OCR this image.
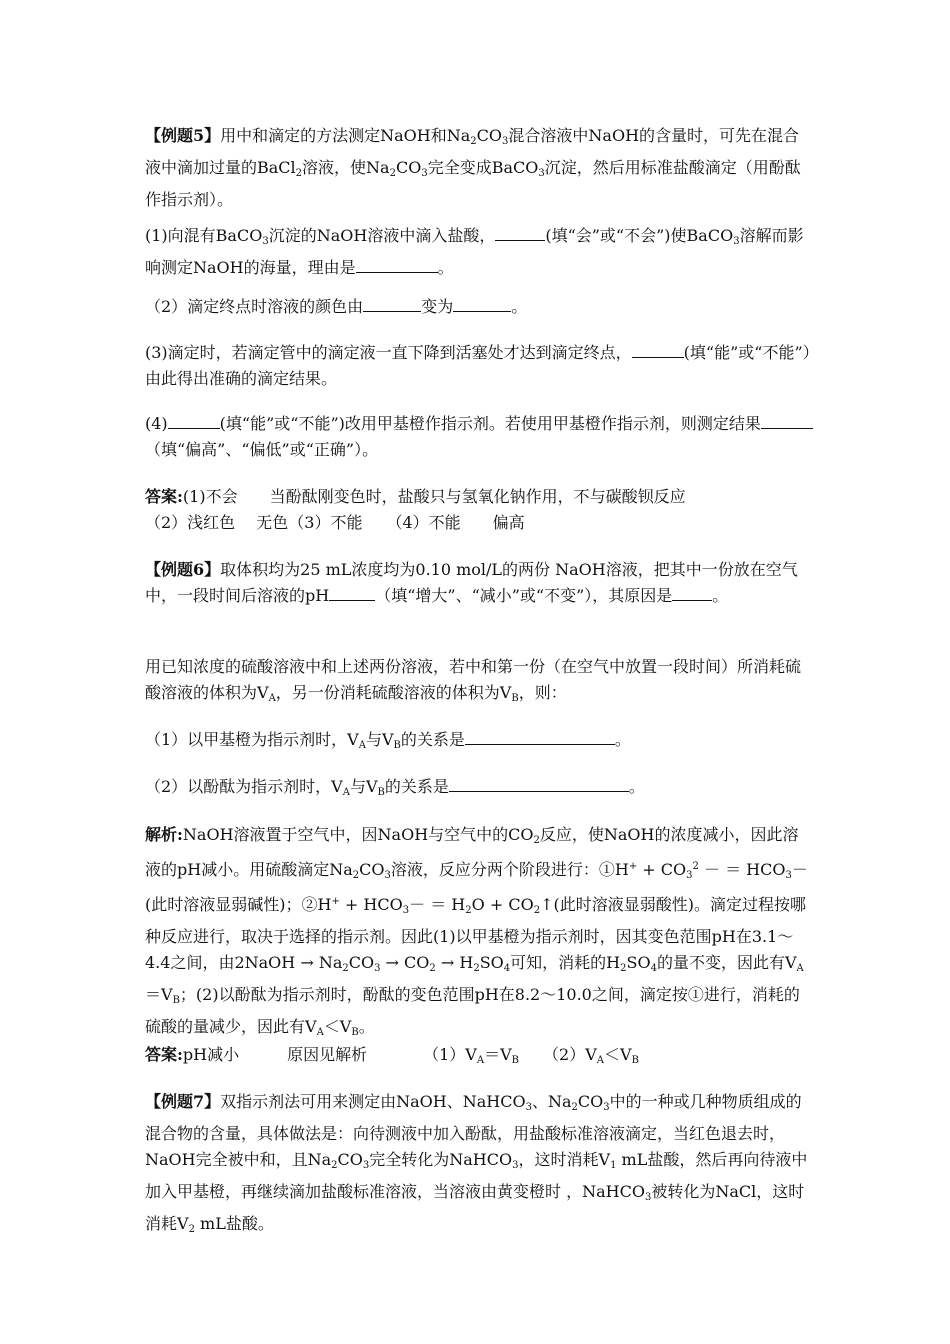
【例题5】用中和滴定的方法测定NaOH和$Na_2CO_3$混合溶液中NaOH的含量时，可先在混合液中滴加过量的BaCl$_2$溶液，使$Na_2CO_3$完全变成BaCO$_3$沉淀，然后用标准盐酸滴定（用酚酞作指示剂）。

(1)向混有BaCO$_3$沉淀的NaOH溶液中滴入盐酸，	(填“会”或“不会”)使BaCO$_3$溶解而影响测定NaOH的海量，理由是	。

（2）滴定终点时溶液的颜色由	变为	。

(3)滴定时，若滴定管中的滴定液一直下降到活塞处才达到滴定终点，	(填“能”或“不能”）由此得出准确的滴定结果。

(4)	(填“能”或“不能”)改用甲基橙作指示剂。若使用甲基橙作指示剂，则测定结果（填“偏高”、“偏低”或“正确”）。

答案:(1)不会　　当酚酞刚变色时，盐酸只与氢氧化钠作用，不与碳酸钡反应
（2）浅红色　 无色（3）不能　　（4）不能　　偏高

【例题6】取体积均为25 mL浓度均为0.10 mol/L的两份 NaOH溶液，把其中一份放在空气中，一段时间后溶液的pH	（填“增大”、“减小”或“不变”），其原因是	。

用已知浓度的硫酸溶液中和上述两份溶液，若中和第一份（在空气中放置一段时间）所消耗硫酸溶液的体积为$V_A$，另一份消耗硫酸溶液的体积为$V_B$，则：

（1）以甲基橙为指示剂时，$V_A$与$V_B$的关系是	。

（2）以酚酞为指示剂时，$V_A$与$V_B$的关系是	。

解析:NaOH溶液置于空气中，因NaOH与空气中的$CO_2$反应，使NaOH的浓度减小，因此溶液的pH减小。用硫酸滴定$Na_2CO_3$溶液，反应分两个阶段进行：①H+ + $CO_3^2$ － ＝ $HCO_3-$(此时溶液显弱碱性)；②H+ + $HCO_3- = H_2O$ + $CO_2↑$(此时溶液显弱酸性)。滴定过程按哪种反应进行，取决于选择的指示剂。因此(1)以甲基橙为指示剂时，因其变色范围pH在3.1～4.4之间，由2NaOH → $Na_2CO_3 \to CO_2 \to H_2SO_4$可知，消耗的$H_2SO_4$的量不变，因此有$V_A=V_B$；(2)以酚酞为指示剂时，酚酞的变色范围pH在8.2～10.0之间，滴定按①进行，消耗的硫酸的量减少，因此有$V_A<V_B$。

答案:pH减小　　　原因见解析　　　　$(1)V_A=V_B$　　$(2)V_A<V_B$

【例题7】双指示剂法可用来测定由NaOH、NaHCO$_3$、$Na_2CO_3$中的一种或几种物质组成的混合物的含量，具体做法是：向待测液中加入酚酞，用盐酸标准溶液滴定，当红色退去时，NaOH完全被中和，且$Na_2CO_3$完全转化为NaHCO$_3$，这时消耗$V_1$ mL盐酸，然后再向待液中加入甲基橙，再继续滴加盐酸标准溶液，当溶液由黄变橙时 ，NaHCO$_3$被转化为NaCl，这时消耗$V_2$ mL盐酸。
